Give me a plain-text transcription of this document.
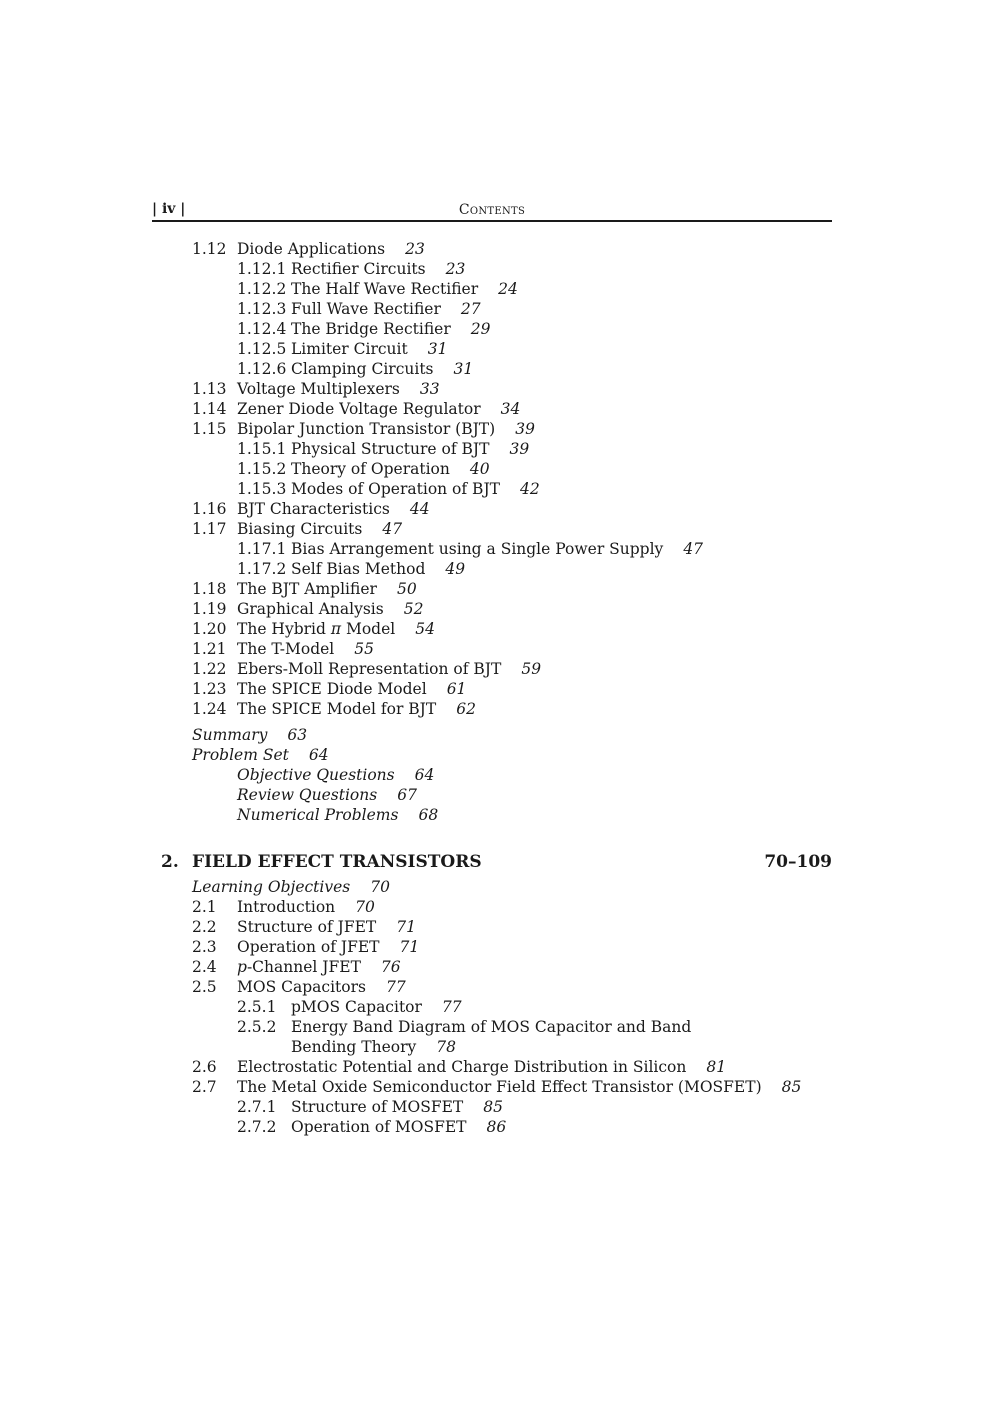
| iv |	Contents
1.12 Diode Applications 23
1.12.1 Rectifier Circuits 23
1.12.2 The Half Wave Rectifier 24
1.12.3 Full Wave Rectifier 27
1.12.4 The Bridge Rectifier 29
1.12.5 Limiter Circuit 31
1.12.6 Clamping Circuits 31
1.13 Voltage Multiplexers 33
1.14 Zener Diode Voltage Regulator 34
1.15 Bipolar Junction Transistor (BJT) 39
1.15.1 Physical Structure of BJT 39
1.15.2 Theory of Operation 40
1.15.3 Modes of Operation of BJT 42
1.16 BJT Characteristics 44
1.17 Biasing Circuits 47
1.17.1 Bias Arrangement using a Single Power Supply 47
1.17.2 Self Bias Method 49
1.18 The BJT Amplifier 50
1.19 Graphical Analysis 52
1.20 The Hybrid π Model 54
1.21 The T-Model 55
1.22 Ebers-Moll Representation of BJT 59
1.23 The SPICE Diode Model 61
1.24 The SPICE Model for BJT 62
Summary 63
Problem Set 64
Objective Questions 64
Review Questions 67
Numerical Problems 68
2. FIELD EFFECT TRANSISTORS	70–109
Learning Objectives 70
2.1 Introduction 70
2.2 Structure of JFET 71
2.3 Operation of JFET 71
2.4 p-Channel JFET 76
2.5 MOS Capacitors 77
2.5.1 pMOS Capacitor 77
2.5.2 Energy Band Diagram of MOS Capacitor and Band
Bending Theory 78
2.6 Electrostatic Potential and Charge Distribution in Silicon 81
2.7 The Metal Oxide Semiconductor Field Effect Transistor (MOSFET) 85
2.7.1 Structure of MOSFET 85
2.7.2 Operation of MOSFET 86
